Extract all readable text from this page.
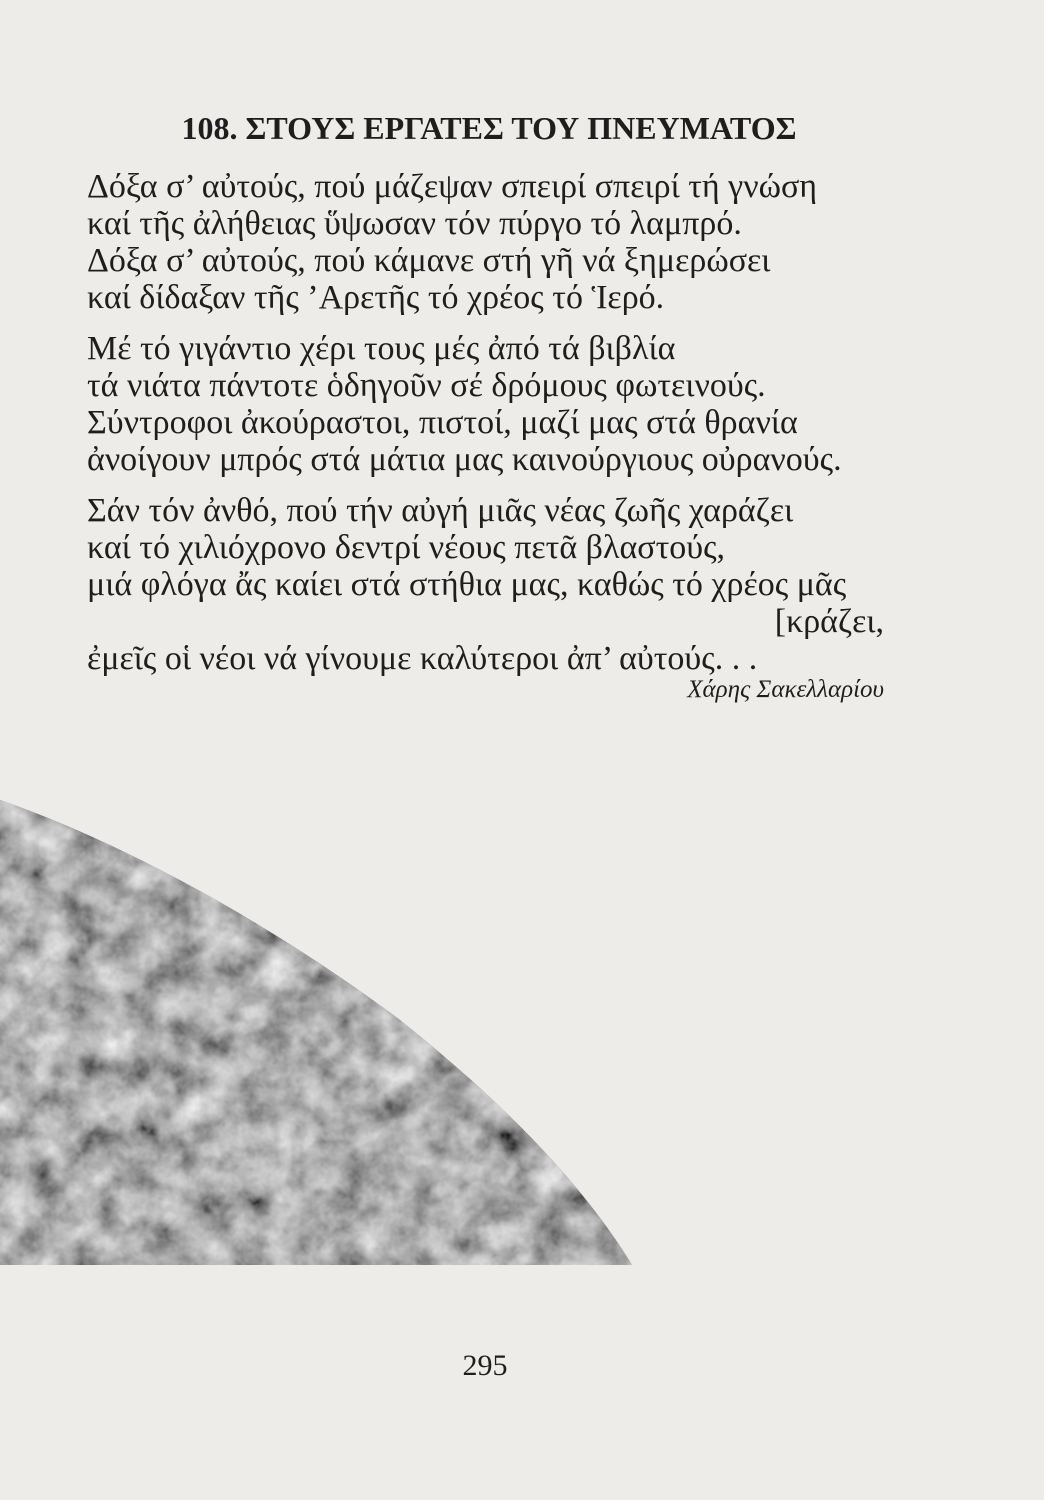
108. ΣΤΟΥΣ ΕΡΓΑΤΕΣ ΤΟΥ ΠΝΕΥΜΑΤΟΣ
Δόξα σ’ αὐτούς, πού μάζεψαν σπειρί σπειρί τή γνώση
καί τῆς ἀλήθειας ὕψωσαν τόν πύργο τό λαμπρό.
Δόξα σ’ αὐτούς, πού κάμανε στή γῆ νά ξημερώσει
καί δίδαξαν τῆς ’Αρετῆς τό χρέος τό Ἱερό.
Μέ τό γιγάντιο χέρι τους μές ἀπό τά βιβλία
τά νιάτα πάντοτε ὁδηγοῦν σέ δρόμους φωτεινούς.
Σύντροφοι ἀκούραστοι, πιστοί, μαζί μας στά θρανία
ἀνοίγουν μπρός στά μάτια μας καινούργιους οὐρανούς.
Σάν τόν ἀνθό, πού τήν αὐγή μιᾶς νέας ζωῆς χαράζει
καί τό χιλιόχρονο δεντρί νέους πετᾶ βλαστούς,
μιά φλόγα ἄς καίει στά στήθια μας, καθώς τό χρέος μᾶς
[κράζει,
ἐμεῖς οἱ νέοι νά γίνουμε καλύτεροι ἀπ’ αὐτούς. . .
Χάρης Σακελλαρίου
295
